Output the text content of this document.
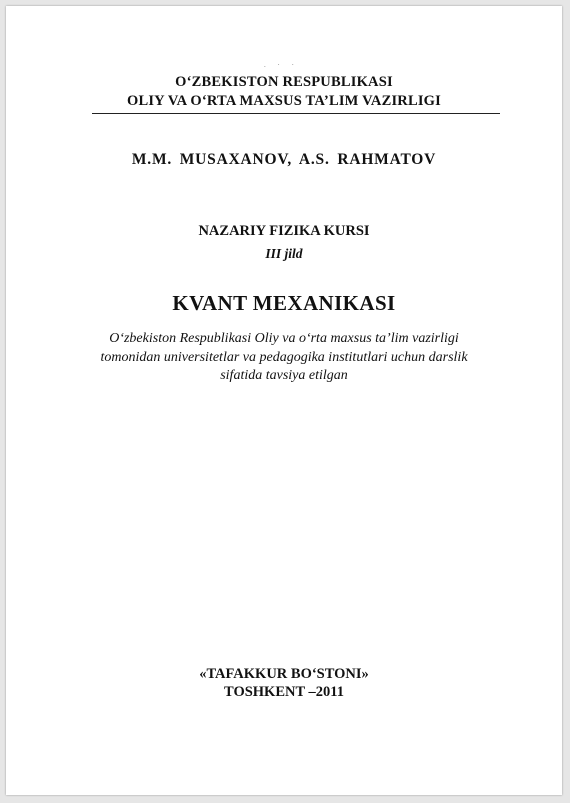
. · ·
O‘ZBEKISTON RESPUBLIKASI
OLIY VA O‘RTA MAXSUS TA’LIM VAZIRLIGI
M.M. MUSAXANOV, A.S. RAHMATOV
NAZARIY FIZIKA KURSI
III jild
KVANT MEXANIKASI
O‘zbekiston Respublikasi Oliy va o‘rta maxsus ta’lim vazirligi
tomonidan universitetlar va pedagogika institutlari uchun darslik
sifatida tavsiya etilgan
«TAFAKKUR BO‘STONI»
TOSHKENT –2011
